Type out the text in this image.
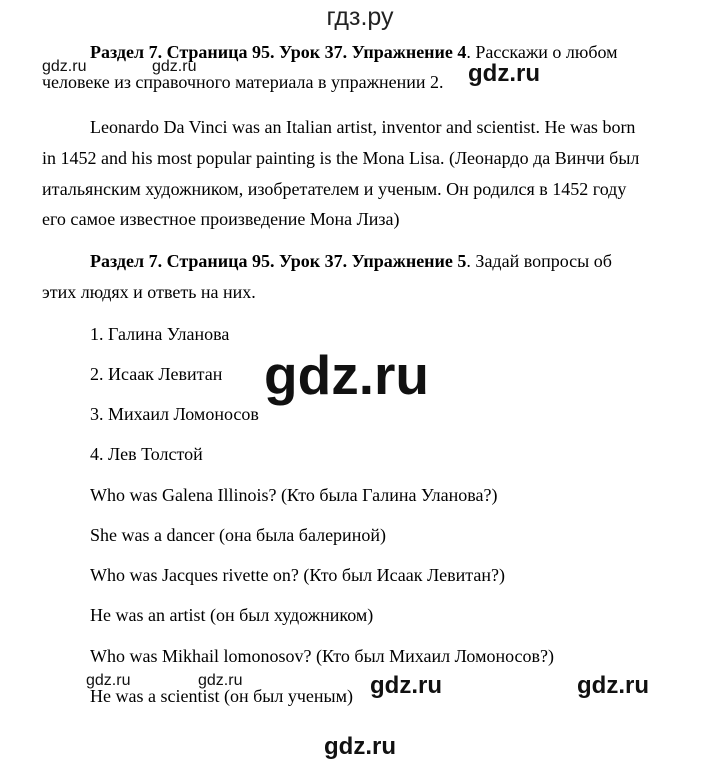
гдз.ру
Раздел 7. Страница 95. Урок 37. Упражнение 4. Расскажи о любом
человеке из справочного материала в упражнении 2.
Leonardo Da Vinci was an Italian artist, inventor and scientist. He was born
in 1452 and his most popular painting is the Mona Lisa. (Леонардо да Винчи был
итальянским художником, изобретателем и ученым. Он родился в 1452 году
его самое известное произведение Мона Лиза)
Раздел 7. Страница 95. Урок 37. Упражнение 5. Задай вопросы об
этих людях и ответь на них.
1. Галина Уланова
2. Исаак Левитан
3. Михаил Ломоносов
4. Лев Толстой
Who was Galena Illinois? (Кто была Галина Уланова?)
She was a dancer (она была балериной)
Who was Jacques rivette on? (Кто был Исаак Левитан?)
He was an artist (он был художником)
Who was Mikhail lomonosov? (Кто был Михаил Ломоносов?)
He was a scientist (он был ученым)
gdz.ru	gdz.ru	gdz.ru
gdz.ru
gdz.ru	gdz.ru	gdz.ru	gdz.ru
gdz.ru
